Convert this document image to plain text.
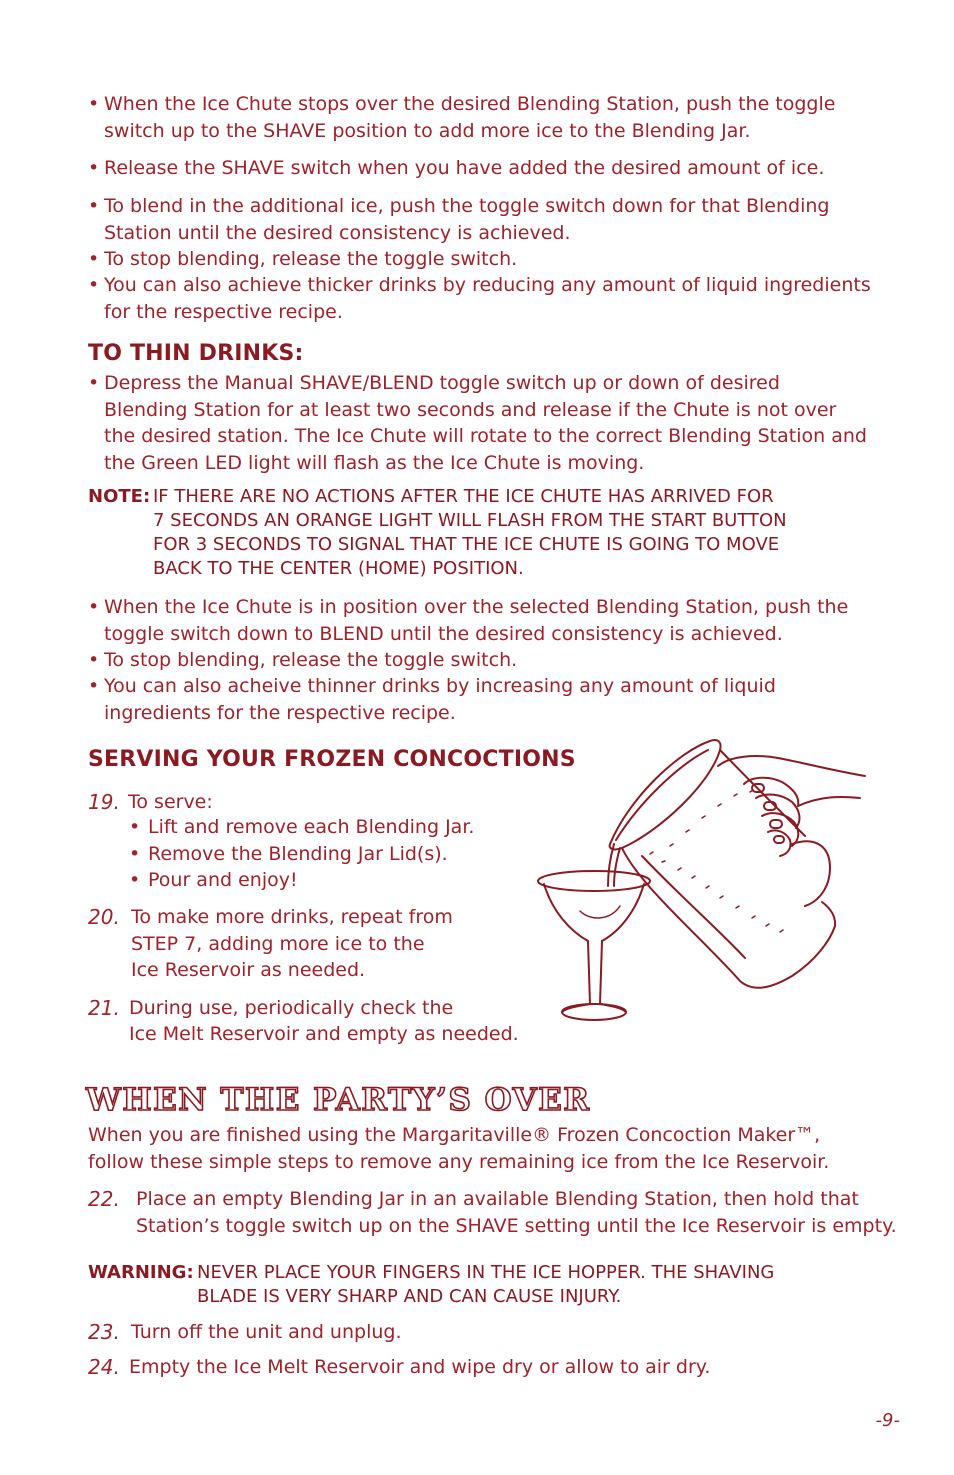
• When the Ice Chute stops over the desired Blending Station, push the toggle
switch up to the SHAVE position to add more ice to the Blending Jar.
• Release the SHAVE switch when you have added the desired amount of ice.
• To blend in the additional ice, push the toggle switch down for that Blending
Station until the desired consistency is achieved.
• To stop blending, release the toggle switch.
• You can also achieve thicker drinks by reducing any amount of liquid ingredients
for the respective recipe.
TO THIN DRINKS:
• Depress the Manual SHAVE/BLEND toggle switch up or down of desired
Blending Station for at least two seconds and release if the Chute is not over
the desired station. The Ice Chute will rotate to the correct Blending Station and
the Green LED light will flash as the Ice Chute is moving.
NOTE: IF THERE ARE NO ACTIONS AFTER THE ICE CHUTE HAS ARRIVED FOR
7 SECONDS AN ORANGE LIGHT WILL FLASH FROM THE START BUTTON
FOR 3 SECONDS TO SIGNAL THAT THE ICE CHUTE IS GOING TO MOVE
BACK TO THE CENTER (HOME) POSITION.
• When the Ice Chute is in position over the selected Blending Station, push the
toggle switch down to BLEND until the desired consistency is achieved.
• To stop blending, release the toggle switch.
• You can also acheive thinner drinks by increasing any amount of liquid
ingredients for the respective recipe.
SERVING YOUR FROZEN CONCOCTIONS
19. To serve:
• Lift and remove each Blending Jar.
• Remove the Blending Jar Lid(s).
• Pour and enjoy!
20. To make more drinks, repeat from
STEP 7, adding more ice to the
Ice Reservoir as needed.
21. During use, periodically check the
Ice Melt Reservoir and empty as needed.
WHEN THE PARTY’S OVER
When you are finished using the Margaritaville® Frozen Concoction Maker™,
follow these simple steps to remove any remaining ice from the Ice Reservoir.
22. Place an empty Blending Jar in an available Blending Station, then hold that
Station’s toggle switch up on the SHAVE setting until the Ice Reservoir is empty.
WARNING: NEVER PLACE YOUR FINGERS IN THE ICE HOPPER. THE SHAVING
BLADE IS VERY SHARP AND CAN CAUSE INJURY.
23. Turn off the unit and unplug.
24. Empty the Ice Melt Reservoir and wipe dry or allow to air dry.
-9-
